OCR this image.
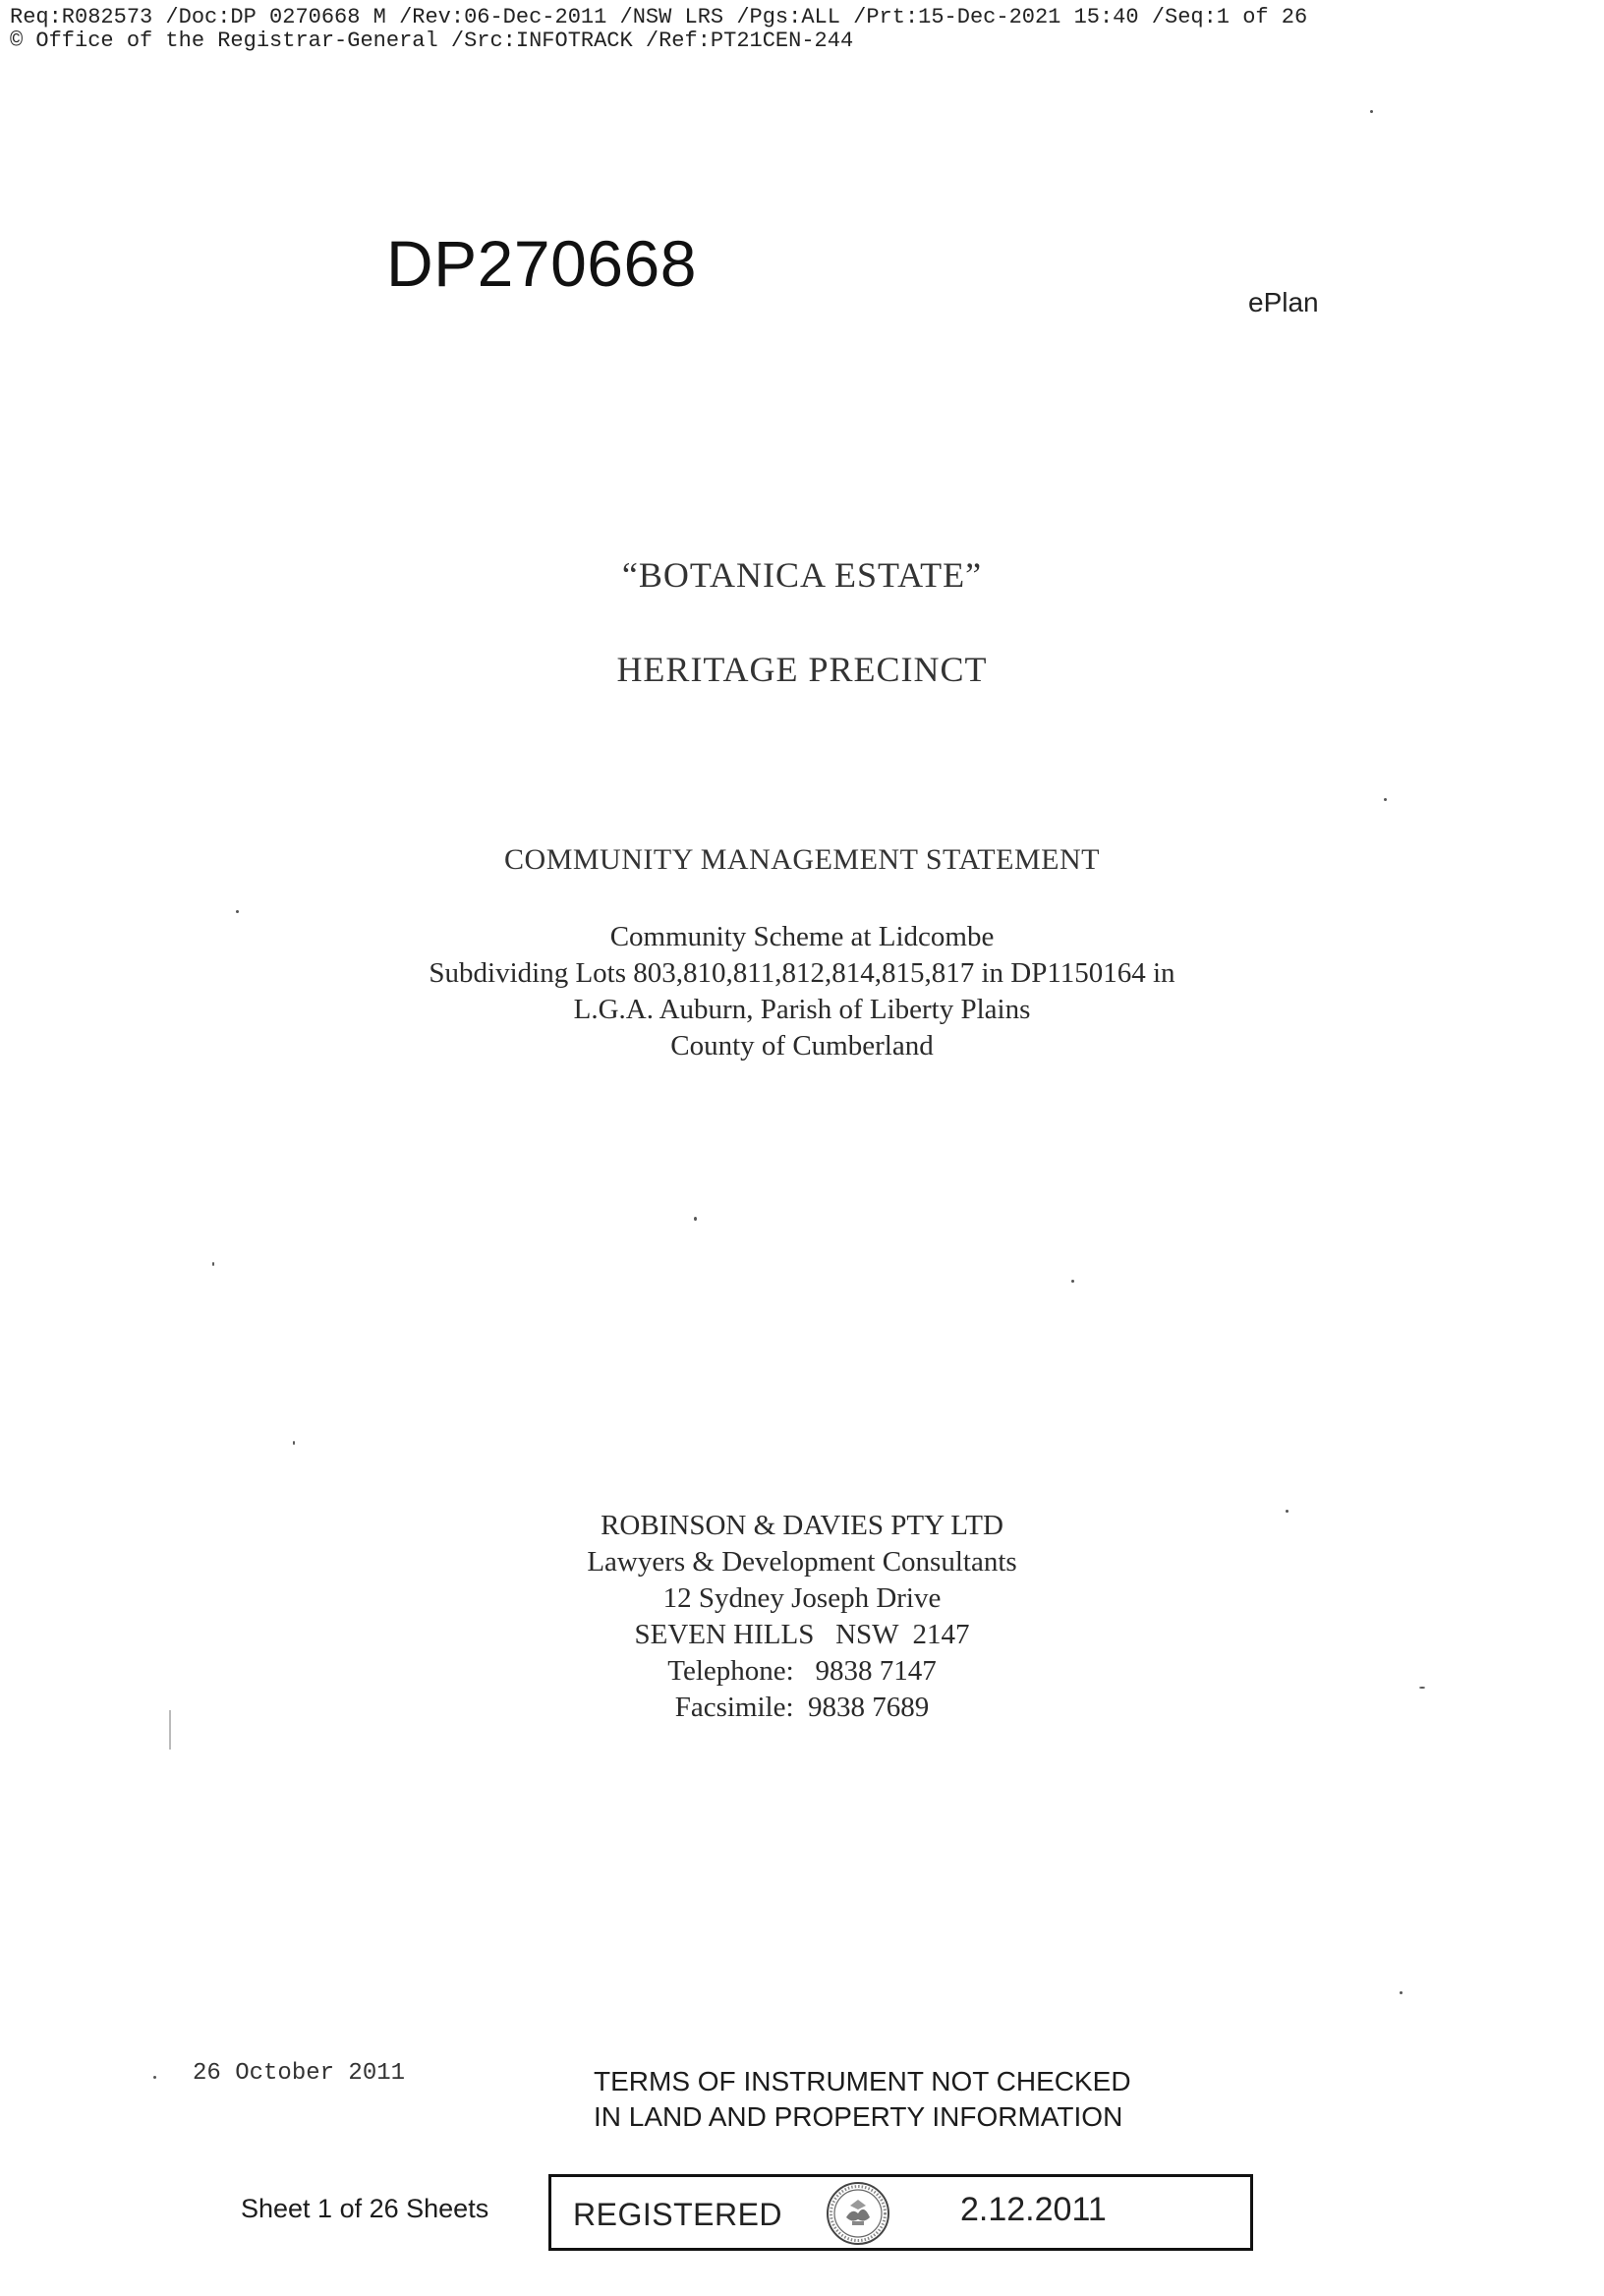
Req:R082573 /Doc:DP 0270668 M /Rev:06-Dec-2011 /NSW LRS /Pgs:ALL /Prt:15-Dec-2021 15:40 /Seq:1 of 26
© Office of the Registrar-General /Src:INFOTRACK /Ref:PT21CEN-244
DP270668
ePlan
“BOTANICA ESTATE”
HERITAGE PRECINCT
COMMUNITY MANAGEMENT STATEMENT
Community Scheme at Lidcombe
Subdividing Lots 803,810,811,812,814,815,817 in DP1150164 in
L.G.A. Auburn, Parish of Liberty Plains
County of Cumberland
ROBINSON & DAVIES PTY LTD
Lawyers & Development Consultants
12 Sydney Joseph Drive
SEVEN HILLS   NSW  2147
Telephone:   9838 7147
Facsimile:  9838 7689
26 October 2011	TERMS OF INSTRUMENT NOT CHECKED
IN LAND AND PROPERTY INFORMATION
Sheet 1 of 26 Sheets	REGISTERED	2.12.2011
